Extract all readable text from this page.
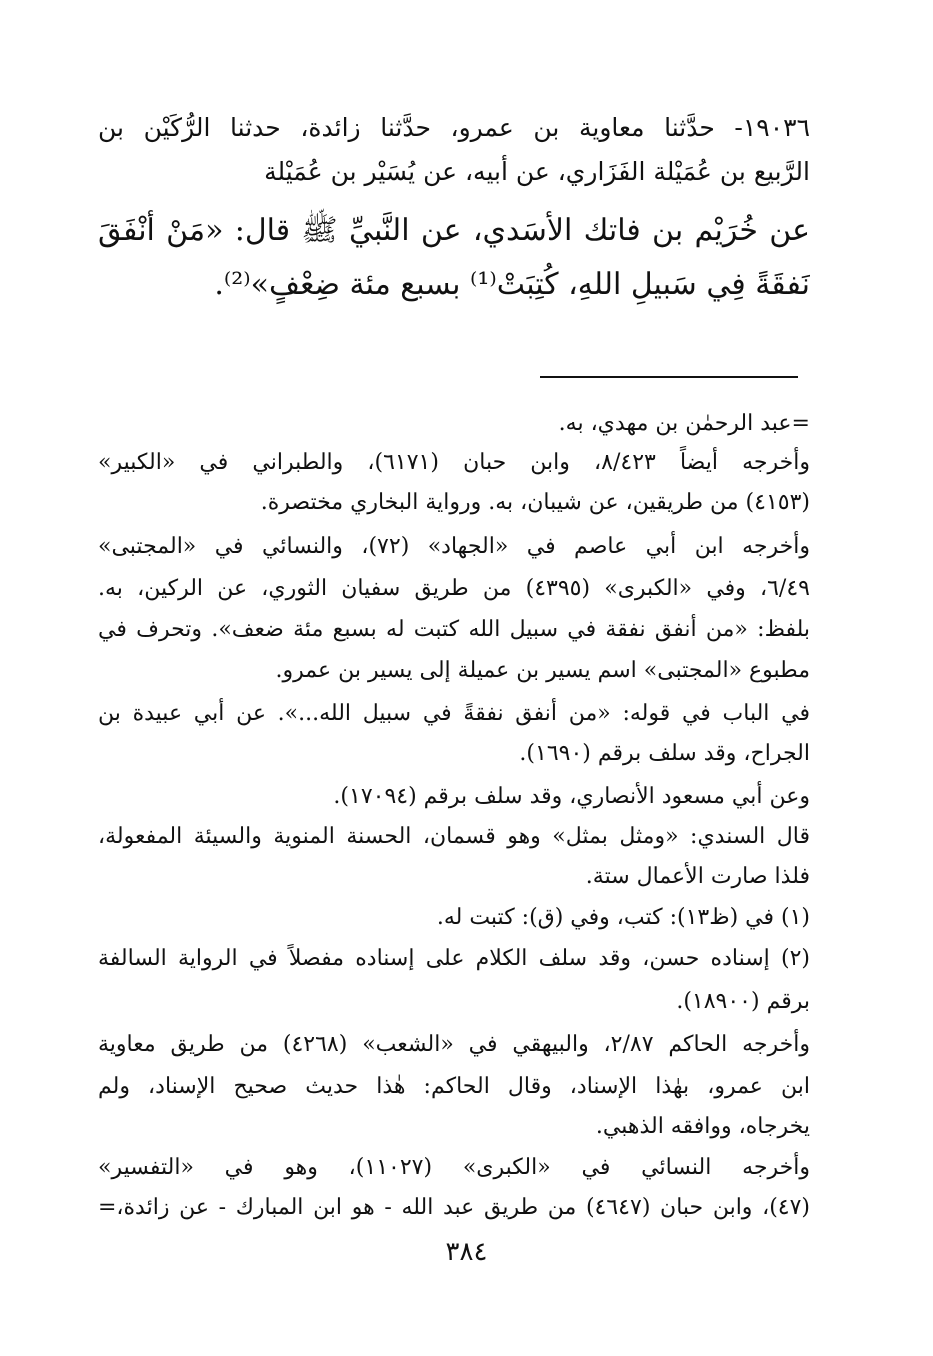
١٩٠٣٦- حدَّثنا معاوية بن عمرو، حدَّثنا زائدة، حدثنا الرُّكَيْن بن
الرَّبيع بن عُمَيْلة الفَزَاري، عن أبيه، عن يُسَيْر بن عُمَيْلة
عن خُرَيْم بن فاتك الأسَدي، عن النَّبيِّ ﷺ قال: «مَنْ أنْفَقَ
نَفقَةً فِي سَبيلِ اللهِ، كُتِبَتْ⁽¹⁾ بسبع مئة ضِعْفٍ»⁽²⁾.
=عبد الرحمٰن بن مهدي، به.
وأخرجه أيضاً ٨/٤٢٣، وابن حبان (٦١٧١)، والطبراني في «الكبير»
(٤١٥٣) من طريقين، عن شيبان، به. ورواية البخاري مختصرة.
وأخرجه ابن أبي عاصم في «الجهاد» (٧٢)، والنسائي في «المجتبى»
٦/٤٩، وفي «الكبرى» (٤٣٩٥) من طريق سفيان الثوري، عن الركين، به.
بلفظ: «من أنفق نفقة في سبيل الله كتبت له بسبع مئة ضعف». وتحرف في
مطبوع «المجتبى» اسم يسير بن عميلة إلى يسير بن عمرو.
في الباب في قوله: «من أنفق نفقةً في سبيل الله...». عن أبي عبيدة بن
الجراح، وقد سلف برقم (١٦٩٠).
وعن أبي مسعود الأنصاري، وقد سلف برقم (١٧٠٩٤).
قال السندي: «ومثل بمثل» وهو قسمان، الحسنة المنوية والسيئة المفعولة،
فلذا صارت الأعمال ستة.
(١) في (ظ١٣): كتب، وفي (ق): كتبت له.
(٢) إسناده حسن، وقد سلف الكلام على إسناده مفصلاً في الرواية السالفة
برقم (١٨٩٠٠).
وأخرجه الحاكم ٢/٨٧، والبيهقي في «الشعب» (٤٢٦٨) من طريق معاوية
ابن عمرو، بهٰذا الإسناد، وقال الحاكم: هٰذا حديث صحيح الإسناد، ولم
يخرجاه، ووافقه الذهبي.
وأخرجه النسائي في «الكبرى» (١١٠٢٧)، وهو في «التفسير»
(٤٧)، وابن حبان (٤٦٤٧) من طريق عبد الله - هو ابن المبارك - عن زائدة،=
٣٨٤
